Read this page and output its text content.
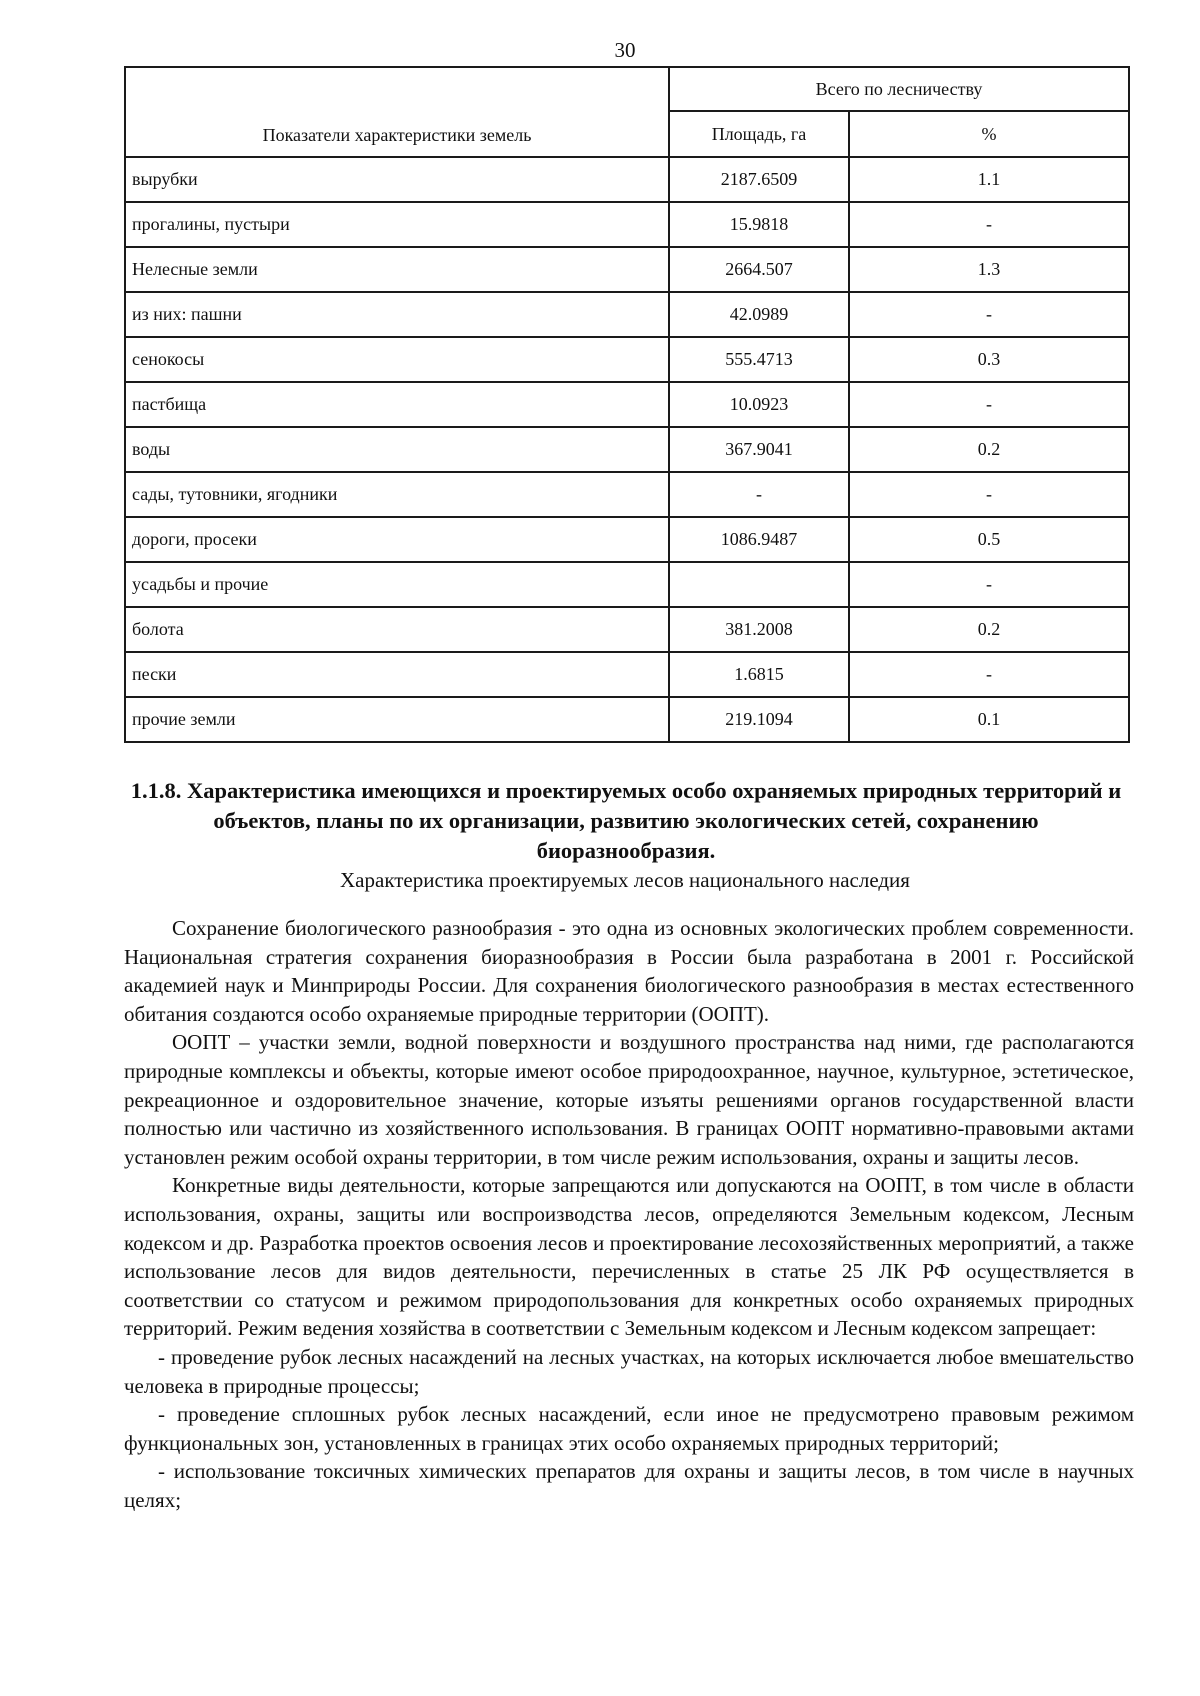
30
Показатели характеристики земель	Всего по лесничеству	
	Площадь, га	%
вырубки	2187.6509	1.1
прогалины, пустыри	15.9818	-
Нелесные земли	2664.507	1.3
из них: пашни	42.0989	-
сенокосы	555.4713	0.3
пастбища	10.0923	-
воды	367.9041	0.2
сады, тутовники, ягодники	-	-
дороги, просеки	1086.9487	0.5
усадьбы и прочие		-
болота	381.2008	0.2
пески	1.6815	-
прочие земли	219.1094	0.1
1.1.8. Характеристика имеющихся и проектируемых особо охраняемых природных территорий и объектов, планы по их организации, развитию экологических сетей, сохранению биоразнообразия.
Характеристика проектируемых лесов национального наследия

Сохранение биологического разнообразия - это одна из основных экологических проблем современности. Национальная стратегия сохранения биоразнообразия в России была разработана в 2001 г. Российской академией наук и Минприроды России. Для сохранения биологического разнообразия в местах естественного обитания создаются особо охраняемые природные территории (ООПТ).

ООПТ – участки земли, водной поверхности и воздушного пространства над ними, где располагаются природные комплексы и объекты, которые имеют особое природоохранное, научное, культурное, эстетическое, рекреационное и оздоровительное значение, которые изъяты решениями органов государственной власти полностью или частично из хозяйственного использования. В границах ООПТ нормативно-правовыми актами установлен режим особой охраны территории, в том числе режим использования, охраны и защиты лесов.

Конкретные виды деятельности, которые запрещаются или допускаются на ООПТ, в том числе в области использования, охраны, защиты или воспроизводства лесов, определяются Земельным кодексом, Лесным кодексом и др. Разработка проектов освоения лесов и проектирование лесохозяйственных мероприятий, а также использование лесов для видов деятельности, перечисленных в статье 25 ЛК РФ осуществляется в соответствии со статусом и режимом природопользования для конкретных особо охраняемых природных территорий. Режим ведения хозяйства в соответствии с Земельным кодексом и Лесным кодексом запрещает:

- проведение рубок лесных насаждений на лесных участках, на которых исключается любое вмешательство человека в природные процессы;

- проведение сплошных рубок лесных насаждений, если иное не предусмотрено правовым режимом функциональных зон, установленных в границах этих особо охраняемых природных территорий;

- использование токсичных химических препаратов для охраны и защиты лесов, в том числе в научных целях;
